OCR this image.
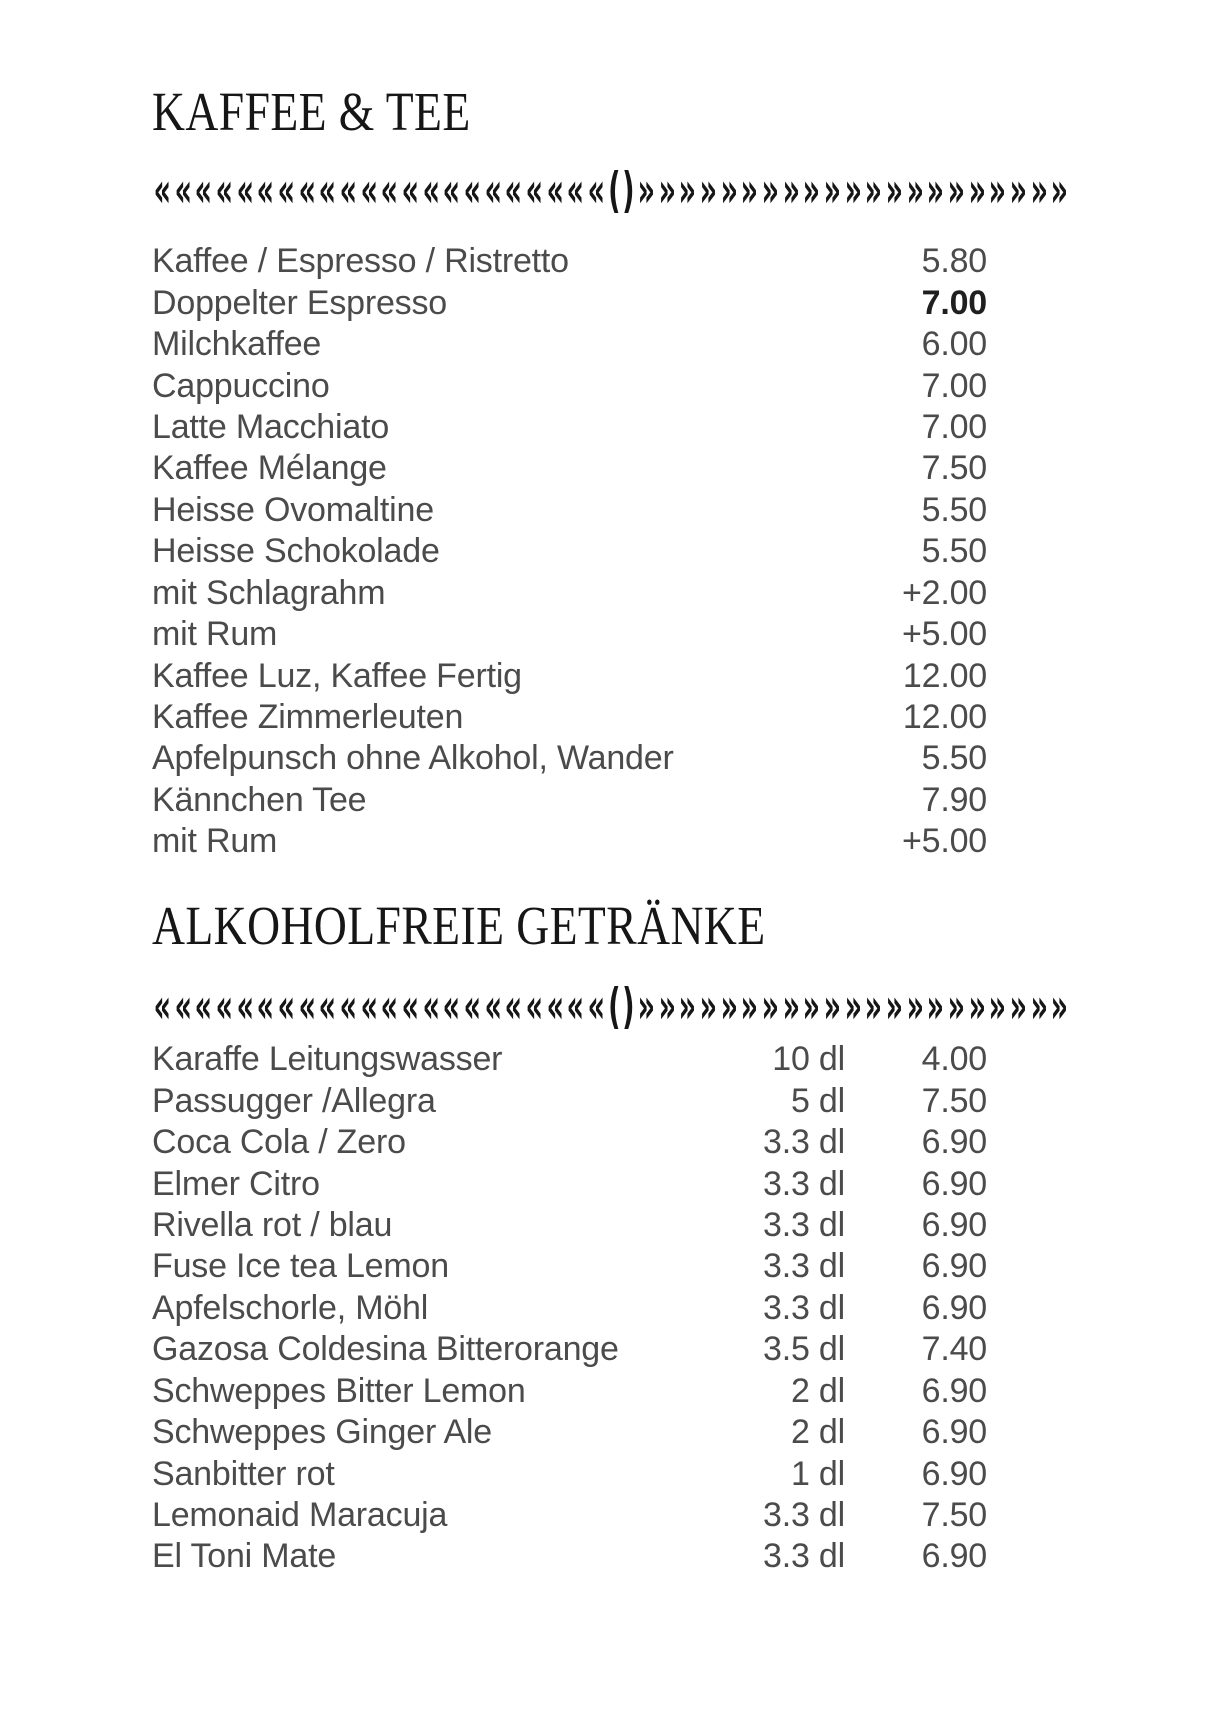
KAFFEE & TEE
« « « « « « « « « « « « « « « « « « « « « « ( ) » » » » » » » » » » » » » » » » » » » » »
Kaffee / Espresso / Ristretto	5.80
Doppelter Espresso	7.00
Milchkaffee	6.00
Cappuccino	7.00
Latte Macchiato	7.00
Kaffee Mélange	7.50
Heisse Ovomaltine	5.50
Heisse Schokolade	5.50
mit Schlagrahm	+2.00
mit Rum	+5.00
Kaffee Luz, Kaffee Fertig	12.00
Kaffee Zimmerleuten	12.00
Apfelpunsch ohne Alkohol, Wander	5.50
Kännchen Tee	7.90
mit Rum	+5.00
ALKOHOLFREIE GETRÄNKE
« « « « « « « « « « « « « « « « « « « « « « ( ) » » » » » » » » » » » » » » » » » » » » »
Karaffe Leitungswasser	10 dl	4.00
Passugger /Allegra	5 dl	7.50
Coca Cola / Zero	3.3 dl	6.90
Elmer Citro	3.3 dl	6.90
Rivella rot / blau	3.3 dl	6.90
Fuse Ice tea Lemon	3.3 dl	6.90
Apfelschorle, Möhl	3.3 dl	6.90
Gazosa Coldesina Bitterorange	3.5 dl	7.40
Schweppes Bitter Lemon	2 dl	6.90
Schweppes Ginger Ale	2 dl	6.90
Sanbitter rot	1 dl	6.90
Lemonaid Maracuja	3.3 dl	7.50
El Toni Mate	3.3 dl	6.90
